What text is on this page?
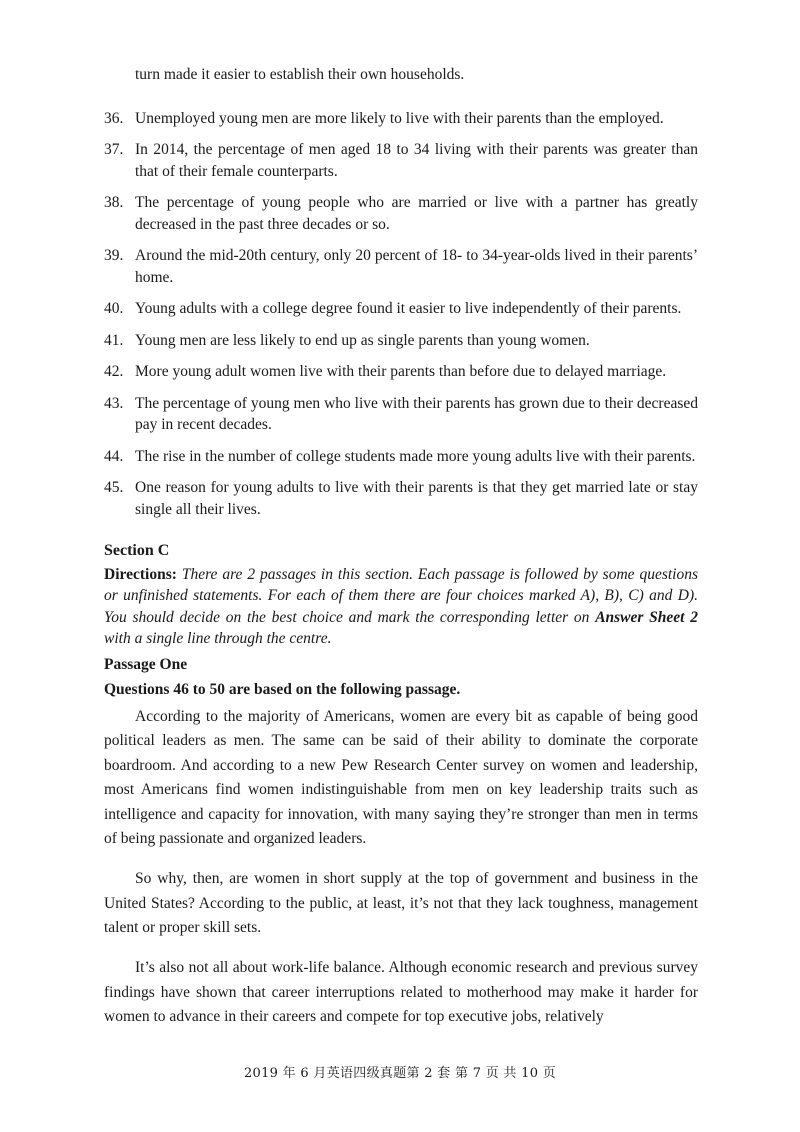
turn made it easier to establish their own households.
36. Unemployed young men are more likely to live with their parents than the employed.
37. In 2014, the percentage of men aged 18 to 34 living with their parents was greater than that of their female counterparts.
38. The percentage of young people who are married or live with a partner has greatly decreased in the past three decades or so.
39. Around the mid-20th century, only 20 percent of 18- to 34-year-olds lived in their parents’ home.
40. Young adults with a college degree found it easier to live independently of their parents.
41. Young men are less likely to end up as single parents than young women.
42. More young adult women live with their parents than before due to delayed marriage.
43. The percentage of young men who live with their parents has grown due to their decreased pay in recent decades.
44. The rise in the number of college students made more young adults live with their parents.
45. One reason for young adults to live with their parents is that they get married late or stay single all their lives.
Section C
Directions: There are 2 passages in this section. Each passage is followed by some questions or unfinished statements. For each of them there are four choices marked A), B), C) and D). You should decide on the best choice and mark the corresponding letter on Answer Sheet 2 with a single line through the centre.
Passage One
Questions 46 to 50 are based on the following passage.

According to the majority of Americans, women are every bit as capable of being good political leaders as men. The same can be said of their ability to dominate the corporate boardroom. And according to a new Pew Research Center survey on women and leadership, most Americans find women indistinguishable from men on key leadership traits such as intelligence and capacity for innovation, with many saying they’re stronger than men in terms of being passionate and organized leaders.

So why, then, are women in short supply at the top of government and business in the United States? According to the public, at least, it’s not that they lack toughness, management talent or proper skill sets.

It’s also not all about work-life balance. Although economic research and previous survey findings have shown that career interruptions related to motherhood may make it harder for women to advance in their careers and compete for top executive jobs, relatively

2019 年 6 月英语四级真题第 2 套 第 7 页 共 10 页
